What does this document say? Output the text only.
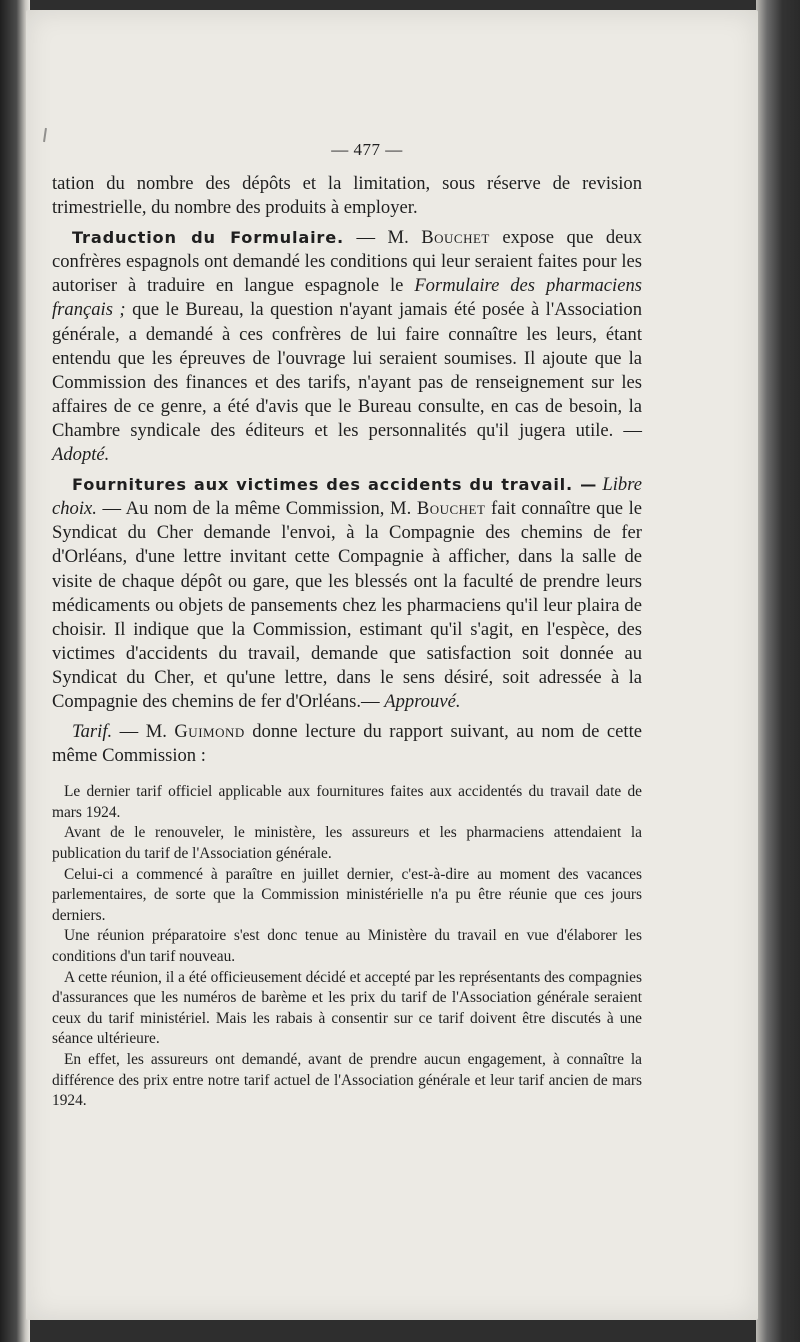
— 477 —

tation du nombre des dépôts et la limitation, sous réserve de revision trimestrielle, du nombre des produits à employer.

Traduction du Formulaire. — M. Bouchet expose que deux confrères espagnols ont demandé les conditions qui leur seraient faites pour les autoriser à traduire en langue espagnole le Formulaire des pharmaciens français ; que le Bureau, la question n'ayant jamais été posée à l'Association générale, a demandé à ces confrères de lui faire connaître les leurs, étant entendu que les épreuves de l'ouvrage lui seraient soumises. Il ajoute que la Commission des finances et des tarifs, n'ayant pas de renseignement sur les affaires de ce genre, a été d'avis que le Bureau consulte, en cas de besoin, la Chambre syndicale des éditeurs et les personnalités qu'il jugera utile. — Adopté.

Fournitures aux victimes des accidents du travail. — Libre choix. — Au nom de la même Commission, M. Bouchet fait connaître que le Syndicat du Cher demande l'envoi, à la Compagnie des chemins de fer d'Orléans, d'une lettre invitant cette Compagnie à afficher, dans la salle de visite de chaque dépôt ou gare, que les blessés ont la faculté de prendre leurs médicaments ou objets de pansements chez les pharmaciens qu'il leur plaira de choisir. Il indique que la Commission, estimant qu'il s'agit, en l'espèce, des victimes d'accidents du travail, demande que satisfaction soit donnée au Syndicat du Cher, et qu'une lettre, dans le sens désiré, soit adressée à la Compagnie des chemins de fer d'Orléans.— Approuvé.

Tarif. — M. Guimond donne lecture du rapport suivant, au nom de cette même Commission :

Le dernier tarif officiel applicable aux fournitures faites aux accidentés du travail date de mars 1924.

Avant de le renouveler, le ministère, les assureurs et les pharmaciens attendaient la publication du tarif de l'Association générale.

Celui-ci a commencé à paraître en juillet dernier, c'est-à-dire au moment des vacances parlementaires, de sorte que la Commission ministérielle n'a pu être réunie que ces jours derniers.

Une réunion préparatoire s'est donc tenue au Ministère du travail en vue d'élaborer les conditions d'un tarif nouveau.

A cette réunion, il a été officieusement décidé et accepté par les représentants des compagnies d'assurances que les numéros de barème et les prix du tarif de l'Association générale seraient ceux du tarif ministériel. Mais les rabais à consentir sur ce tarif doivent être discutés à une séance ultérieure.

En effet, les assureurs ont demandé, avant de prendre aucun engagement, à connaître la différence des prix entre notre tarif actuel de l'Association générale et leur tarif ancien de mars 1924.
